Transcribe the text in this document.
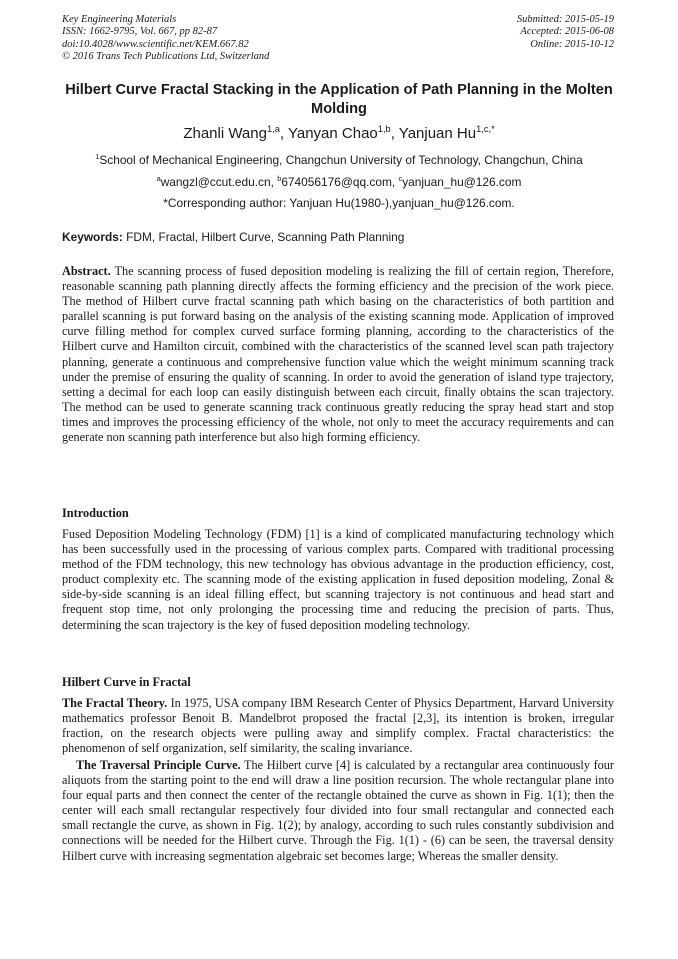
Key Engineering Materials
ISSN: 1662-9795, Vol. 667, pp 82-87
doi:10.4028/www.scientific.net/KEM.667.82
© 2016 Trans Tech Publications Ltd, Switzerland
Submitted: 2015-05-19
Accepted: 2015-06-08
Online: 2015-10-12
Hilbert Curve Fractal Stacking in the Application of Path Planning in the Molten Molding
Zhanli Wang$^{1,a}$, Yanyan Chao$^{1,b}$, Yanjuan $Hu^{1,c,*}$
$^1$School of Mechanical Engineering, Changchun University of Technology, Changchun, China
$^a$wangzl@ccut.edu.cn, $^b$674056176@qq.com, $^c$yanjuan_hu@126.com
*Corresponding author: Yanjuan Hu(1980-),yanjuan_hu@126.com.
Keywords: FDM, Fractal, Hilbert Curve, Scanning Path Planning

Abstract. The scanning process of fused deposition modeling is realizing the fill of certain region, Therefore, reasonable scanning path planning directly affects the forming efficiency and the precision of the work piece. The method of Hilbert curve fractal scanning path which basing on the characteristics of both partition and parallel scanning is put forward basing on the analysis of the existing scanning mode. Application of improved curve filling method for complex curved surface forming planning, according to the characteristics of the Hilbert curve and Hamilton circuit, combined with the characteristics of the scanned level scan path trajectory planning, generate a continuous and comprehensive function value which the weight minimum scanning track under the premise of ensuring the quality of scanning. In order to avoid the generation of island type trajectory, setting a decimal for each loop can easily distinguish between each circuit, finally obtains the scan trajectory. The method can be used to generate scanning track continuous greatly reducing the spray head start and stop times and improves the processing efficiency of the whole, not only to meet the accuracy requirements and can generate non scanning path interference but also high forming efficiency.

Introduction

Fused Deposition Modeling Technology (FDM) [1] is a kind of complicated manufacturing technology which has been successfully used in the processing of various complex parts. Compared with traditional processing method of the FDM technology, this new technology has obvious advantage in the production efficiency, cost, product complexity etc. The scanning mode of the existing application in fused deposition modeling, Zonal & side-by-side scanning is an ideal filling effect, but scanning trajectory is not continuous and head start and frequent stop time, not only prolonging the processing time and reducing the precision of parts. Thus, determining the scan trajectory is the key of fused deposition modeling technology.

Hilbert Curve in Fractal

The Fractal Theory. In 1975, USA company IBM Research Center of Physics Department, Harvard University mathematics professor Benoit B. Mandelbrot proposed the fractal [2,3], its intention is broken, irregular fraction, on the research objects were pulling away and simplify complex. Fractal characteristics: the phenomenon of self organization, self similarity, the scaling invariance.

The Traversal Principle Curve. The Hilbert curve [4] is calculated by a rectangular area continuously four aliquots from the starting point to the end will draw a line position recursion. The whole rectangular plane into four equal parts and then connect the center of the rectangle obtained the curve as shown in Fig. 1(1); then the center will each small rectangular respectively four divided into four small rectangular and connected each small rectangle the curve, as shown in Fig. 1(2); by analogy, according to such rules constantly subdivision and connections will be needed for the Hilbert curve. Through the Fig. 1(1) - (6) can be seen, the traversal density Hilbert curve with increasing segmentation algebraic set becomes large; Whereas the smaller density.
